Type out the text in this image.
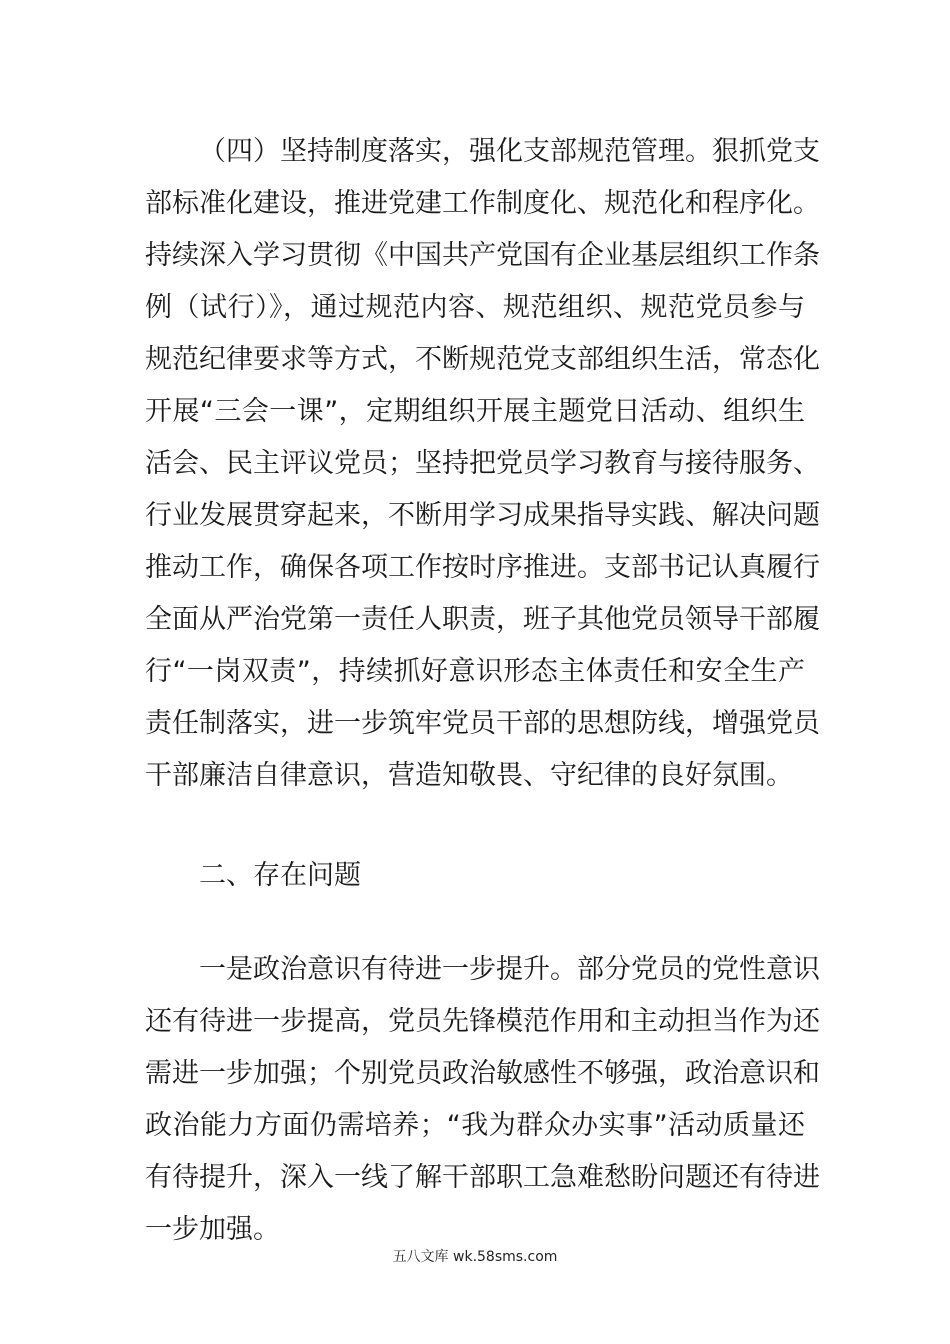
（四）坚持制度落实，强化支部规范管理。狠抓党支
部标准化建设，推进党建工作制度化、规范化和程序化。
持续深入学习贯彻《中国共产党国有企业基层组织工作条
例（试行）》，通过规范内容、规范组织、规范党员参与
规范纪律要求等方式，不断规范党支部组织生活，常态化
开展“三会一课”，定期组织开展主题党日活动、组织生
活会、民主评议党员；坚持把党员学习教育与接待服务、
行业发展贯穿起来，不断用学习成果指导实践、解决问题
推动工作，确保各项工作按时序推进。支部书记认真履行
全面从严治党第一责任人职责，班子其他党员领导干部履
行“一岗双责”，持续抓好意识形态主体责任和安全生产
责任制落实，进一步筑牢党员干部的思想防线，增强党员
干部廉洁自律意识，营造知敬畏、守纪律的良好氛围。
二、存在问题
一是政治意识有待进一步提升。部分党员的党性意识
还有待进一步提高，党员先锋模范作用和主动担当作为还
需进一步加强；个别党员政治敏感性不够强，政治意识和
政治能力方面仍需培养；“我为群众办实事”活动质量还
有待提升，深入一线了解干部职工急难愁盼问题还有待进
一步加强。
五八文库 wk.58sms.com
